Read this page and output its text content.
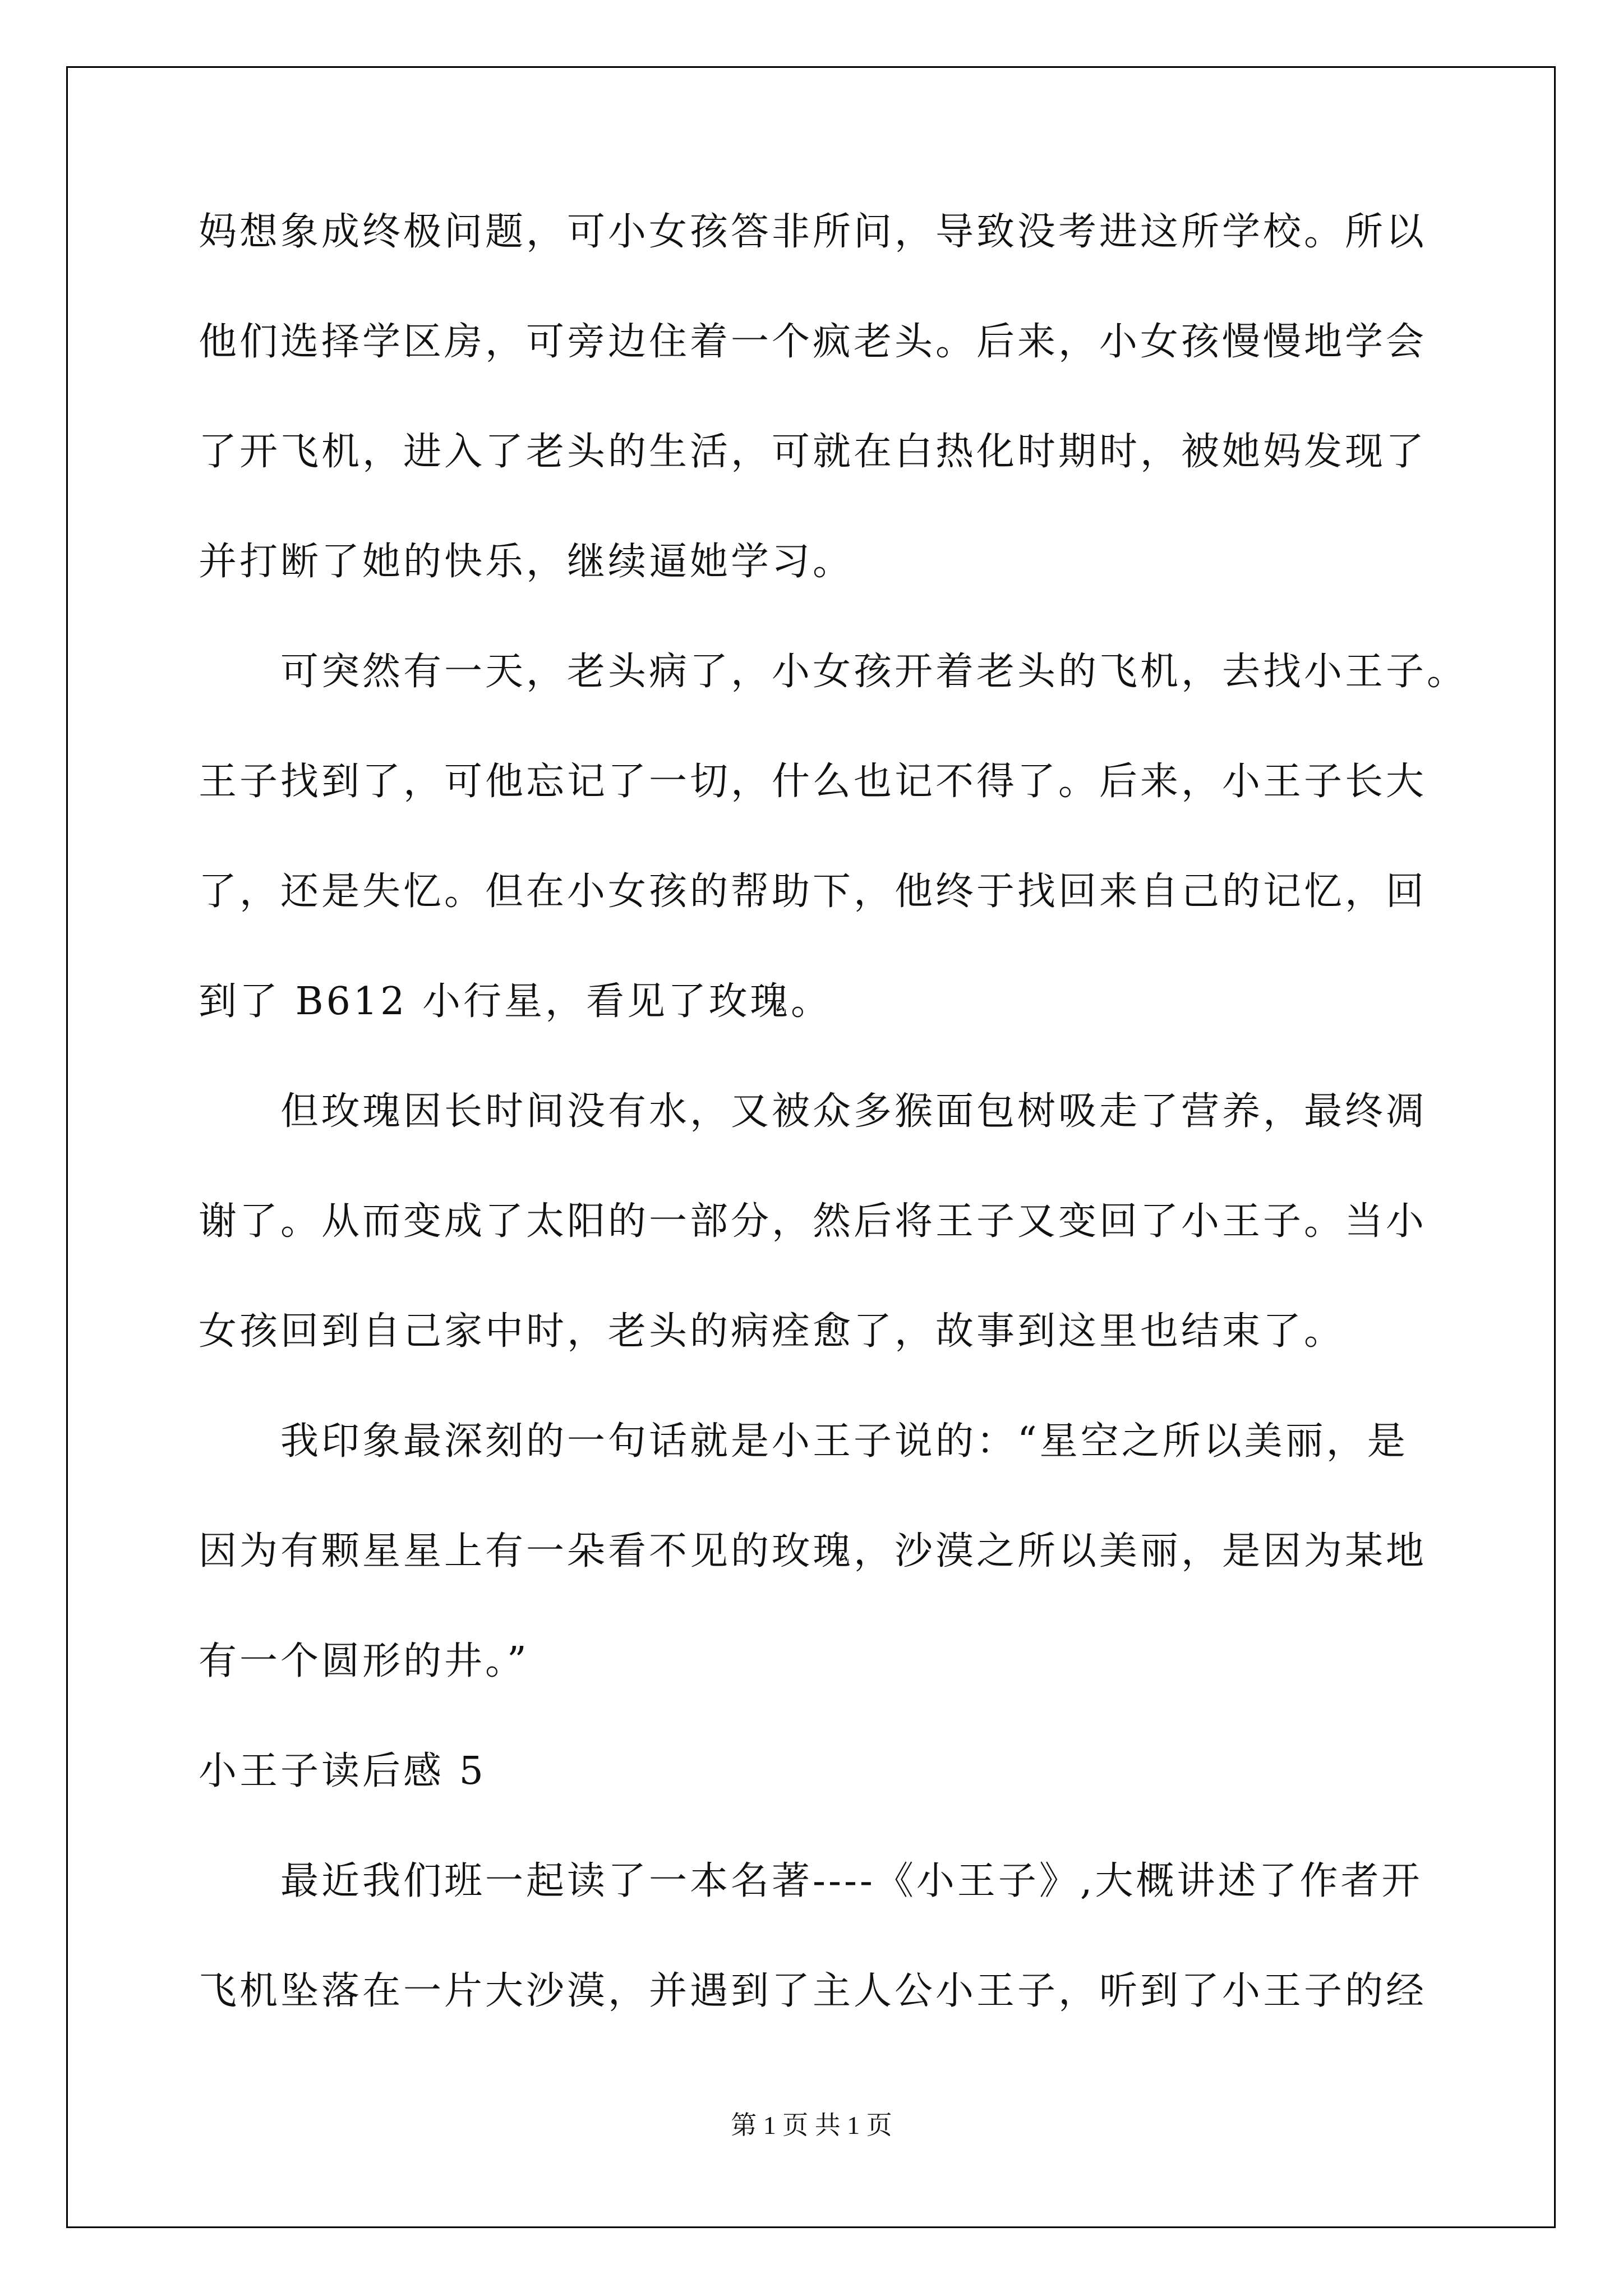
妈想象成终极问题，可小女孩答非所问，导致没考进这所学校。所以
他们选择学区房，可旁边住着一个疯老头。后来，小女孩慢慢地学会
了开飞机，进入了老头的生活，可就在白热化时期时，被她妈发现了
并打断了她的快乐，继续逼她学习。
可突然有一天，老头病了，小女孩开着老头的飞机，去找小王子。
王子找到了，可他忘记了一切，什么也记不得了。后来，小王子长大
了，还是失忆。但在小女孩的帮助下，他终于找回来自己的记忆，回
到了 B612 小行星，看见了玫瑰。
但玫瑰因长时间没有水，又被众多猴面包树吸走了营养，最终凋
谢了。从而变成了太阳的一部分，然后将王子又变回了小王子。当小
女孩回到自己家中时，老头的病痊愈了，故事到这里也结束了。
我印象最深刻的一句话就是小王子说的：“星空之所以美丽，是
因为有颗星星上有一朵看不见的玫瑰，沙漠之所以美丽，是因为某地
有一个圆形的井。”
小王子读后感 5
最近我们班一起读了一本名著----《小王子》,大概讲述了作者开
飞机坠落在一片大沙漠，并遇到了主人公小王子，听到了小王子的经
第 1 页 共 1 页
